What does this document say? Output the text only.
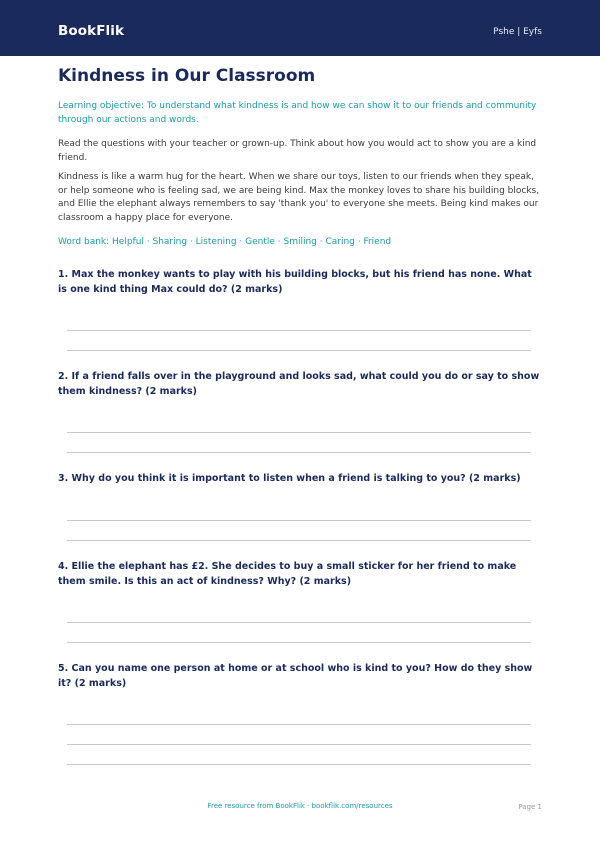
BookFlik	Pshe | Eyfs
Kindness in Our Classroom

Learning objective: To understand what kindness is and how we can show it to our friends and community through our actions and words.

Read the questions with your teacher or grown-up. Think about how you would act to show you are a kind friend.

Kindness is like a warm hug for the heart. When we share our toys, listen to our friends when they speak, or help someone who is feeling sad, we are being kind. Max the monkey loves to share his building blocks, and Ellie the elephant always remembers to say 'thank you' to everyone she meets. Being kind makes our classroom a happy place for everyone.

Word bank: Helpful · Sharing · Listening · Gentle · Smiling · Caring · Friend

1. Max the monkey wants to play with his building blocks, but his friend has none. What is one kind thing Max could do? (2 marks)

2. If a friend falls over in the playground and looks sad, what could you do or say to show them kindness? (2 marks)

3. Why do you think it is important to listen when a friend is talking to you? (2 marks)

4. Ellie the elephant has £2. She decides to buy a small sticker for her friend to make them smile. Is this an act of kindness? Why? (2 marks)

5. Can you name one person at home or at school who is kind to you? How do they show it? (2 marks)

Free resource from BookFlik · bookflik.com/resources	Page 1
